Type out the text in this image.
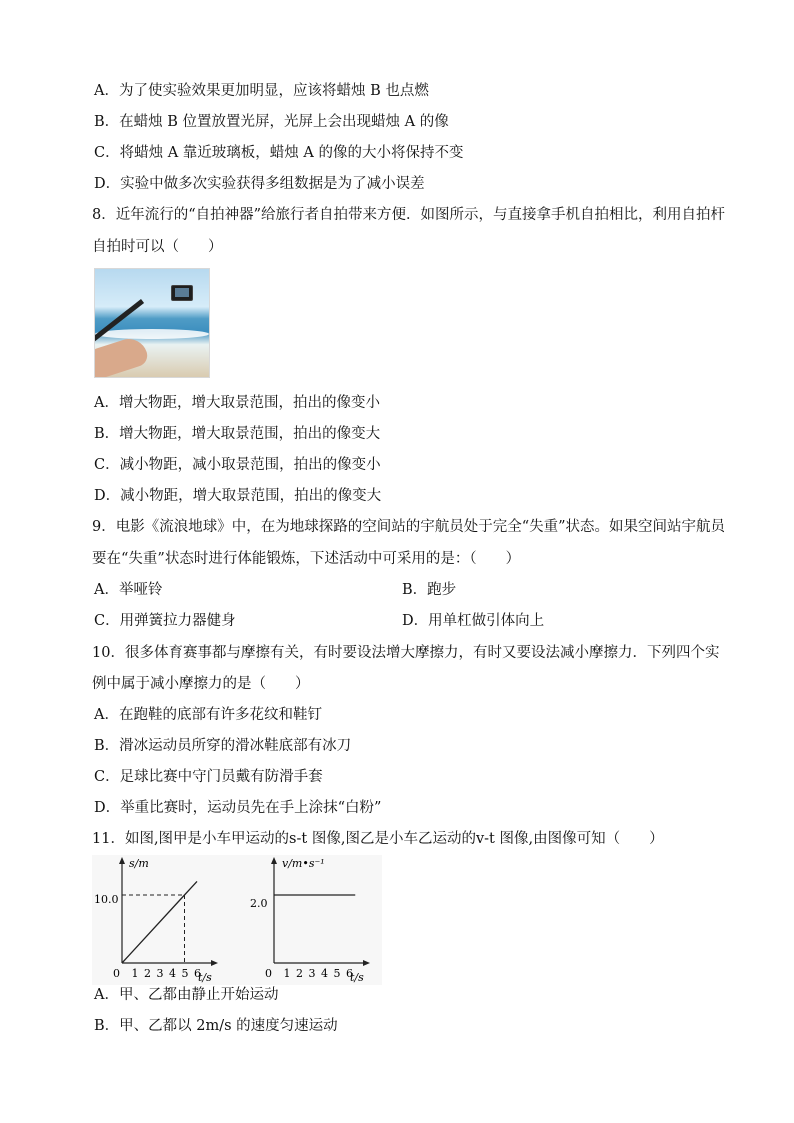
A．为了使实验效果更加明显，应该将蜡烛 B 也点燃
B．在蜡烛 B 位置放置光屏，光屏上会出现蜡烛 A 的像
C．将蜡烛 A 靠近玻璃板，蜡烛 A 的像的大小将保持不变
D．实验中做多次实验获得多组数据是为了减小误差
8．近年流行的“自拍神器”给旅行者自拍带来方便．如图所示，与直接拿手机自拍相比，利用自拍杆
自拍时可以（　　）
A．增大物距，增大取景范围，拍出的像变小
B．增大物距，增大取景范围，拍出的像变大
C．减小物距，减小取景范围，拍出的像变小
D．减小物距，增大取景范围，拍出的像变大
9．电影《流浪地球》中，在为地球探路的空间站的宇航员处于完全“失重”状态。如果空间站宇航员
要在“失重”状态时进行体能锻炼，下述活动中可采用的是：（　　）
A．举哑铃	B．跑步
C．用弹簧拉力器健身	D．用单杠做引体向上
10．很多体育赛事都与摩擦有关，有时要设法增大摩擦力，有时又要设法减小摩擦力．下列四个实
例中属于减小摩擦力的是（　　）
A．在跑鞋的底部有许多花纹和鞋钉
B．滑冰运动员所穿的滑冰鞋底部有冰刀
C．足球比赛中守门员戴有防滑手套
D．举重比赛时，运动员先在手上涂抹“白粉”
11．如图,图甲是小车甲运动的s-t 图像,图乙是小车乙运动的v-t 图像,由图像可知（　　）
s/m
t/s
10.0
0 1 2 3 4 5 6
v/m•s⁻¹
t/s
2.0
0 1 2 3 4 5 6
A．甲、乙都由静止开始运动
B．甲、乙都以 2m/s 的速度匀速运动
